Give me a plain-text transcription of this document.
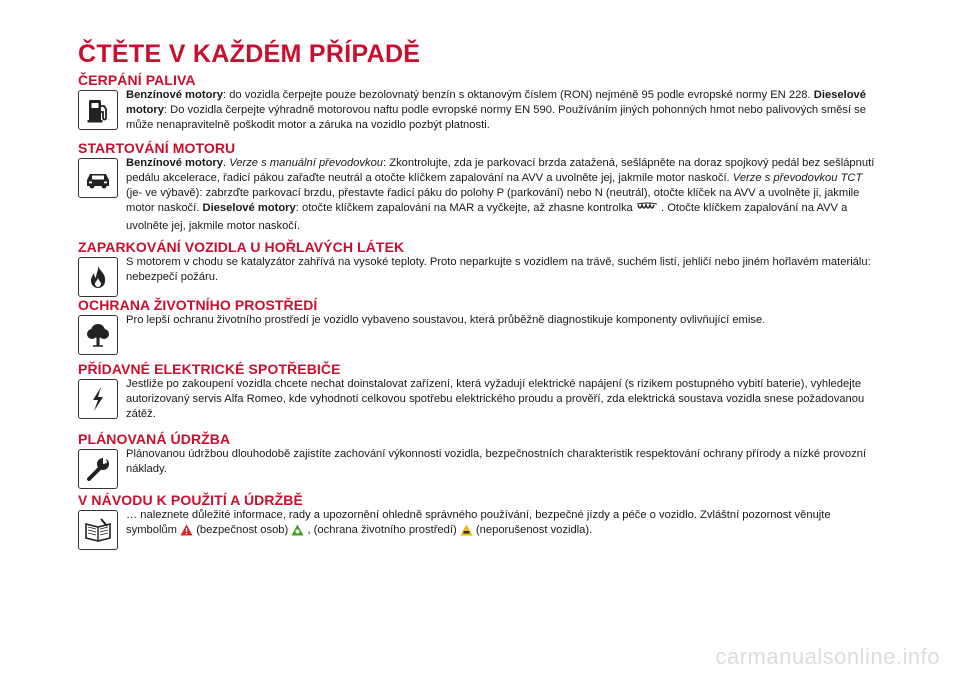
ČTĚTE V KAŽDÉM PŘÍPADĚ
ČERPÁNÍ PALIVA
Benzínové motory: do vozidla čerpejte pouze bezolovnatý benzín s oktanovým číslem (RON) nejméně 95 podle evropské normy EN 228. Dieselové motory: Do vozidla čerpejte výhradně motorovou naftu podle evropské normy EN 590. Používáním jiných pohonných hmot nebo palivových směsí se může nenapravitelně poškodit motor a záruka na vozidlo pozbýt platnosti.
STARTOVÁNÍ MOTORU
Benzínové motory. Verze s manuální převodovkou: Zkontrolujte, zda je parkovací brzda zatažená, sešlápněte na doraz spojkový pedál bez sešlápnutí pedálu akcelerace, řadicí pákou zařaďte neutrál a otočte klíčkem zapalování na AVV a uvolněte jej, jakmile motor naskočí. Verze s převodovkou TCT (je- ve výbavě): zabrzďte parkovací brzdu, přestavte řadicí páku do polohy P (parkování) nebo N (neutrál), otočte klíček na AVV a uvolněte ji, jakmile motor naskočí. Dieselové motory: otočte klíčkem zapalování na MAR a vyčkejte, až zhasne kontrolka	. Otočte klíčkem zapalování na AVV a uvolněte jej, jakmile motor naskočí.
ZAPARKOVÁNÍ VOZIDLA U HOŘLAVÝCH LÁTEK
S motorem v chodu se katalyzátor zahřívá na vysoké teploty. Proto neparkujte s vozidlem na trávě, suchém listí, jehličí nebo jiném hořlavém materiálu: nebezpečí požáru.
OCHRANA ŽIVOTNÍHO PROSTŘEDÍ
Pro lepší ochranu životního prostředí je vozidlo vybaveno soustavou, která průběžně diagnostikuje komponenty ovlivňující emise.
PŘÍDAVNÉ ELEKTRICKÉ SPOTŘEBIČE
Jestliže po zakoupení vozidla chcete nechat doinstalovat zařízení, která vyžadují elektrické napájení (s rizikem postupného vybití baterie), vyhledejte autorizovaný servis Alfa Romeo, kde vyhodnotí celkovou spotřebu elektrického proudu a prověří, zda elektrická soustava vozidla snese požadovanou zátěž.
PLÁNOVANÁ ÚDRŽBA
Plánovanou údržbou dlouhodobě zajistíte zachování výkonnosti vozidla, bezpečnostních charakteristik respektování ochrany přírody a nízké provozní náklady.
V NÁVODU K POUŽITÍ A ÚDRŽBĚ
… naleznete důležité informace, rady a upozornění ohledně správného používání, bezpečné jízdy a péče o vozidlo. Zvláštní pozornost věnujte symbolům  (bezpečnost osob)  , (ochrana životního prostředí)  (neporušenost vozidla).
carmanualsonline.info
